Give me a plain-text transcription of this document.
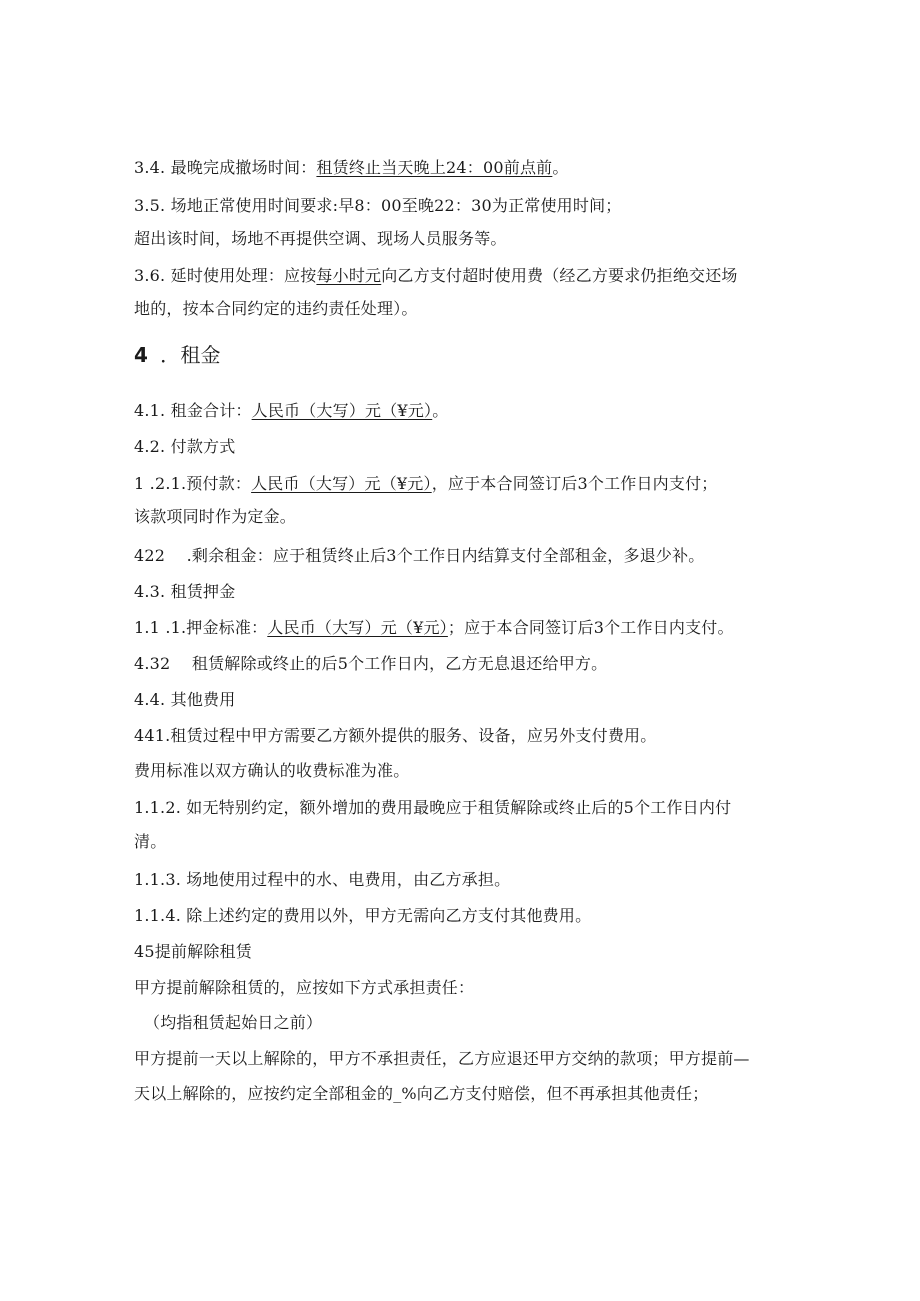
3.4. 最晚完成撤场时间：租赁终止当天晚上24：00前点前。
3.5. 场地正常使用时间要求:早8：00至晚22：30为正常使用时间；
超出该时间，场地不再提供空调、现场人员服务等。
3.6. 延时使用处理：应按每小时元向乙方支付超时使用费（经乙方要求仍拒绝交还场
地的，按本合同约定的违约责任处理）。
4 ．租金
4.1. 租金合计：人民币（大写）元（¥元）。
4.2. 付款方式
1 .2.1.预付款：人民币（大写）元（¥元），应于本合同签订后3个工作日内支付；
该款项同时作为定金。
422　 .剩余租金：应于租赁终止后3个工作日内结算支付全部租金，多退少补。
4.3. 租赁押金
1.1 .1.押金标准：人民币（大写）元（¥元）；应于本合同签订后3个工作日内支付。
4.32　 租赁解除或终止的后5个工作日内，乙方无息退还给甲方。
4.4. 其他费用
441.租赁过程中甲方需要乙方额外提供的服务、设备，应另外支付费用。
费用标准以双方确认的收费标准为准。
1.1.2. 如无特别约定，额外增加的费用最晚应于租赁解除或终止后的5个工作日内付
清。
1.1.3. 场地使用过程中的水、电费用，由乙方承担。
1.1.4. 除上述约定的费用以外，甲方无需向乙方支付其他费用。
45提前解除租赁
甲方提前解除租赁的，应按如下方式承担责任：
（均指租赁起始日之前）
甲方提前一天以上解除的，甲方不承担责任，乙方应退还甲方交纳的款项；甲方提前—
天以上解除的，应按约定全部租金的_%向乙方支付赔偿，但不再承担其他责任；
